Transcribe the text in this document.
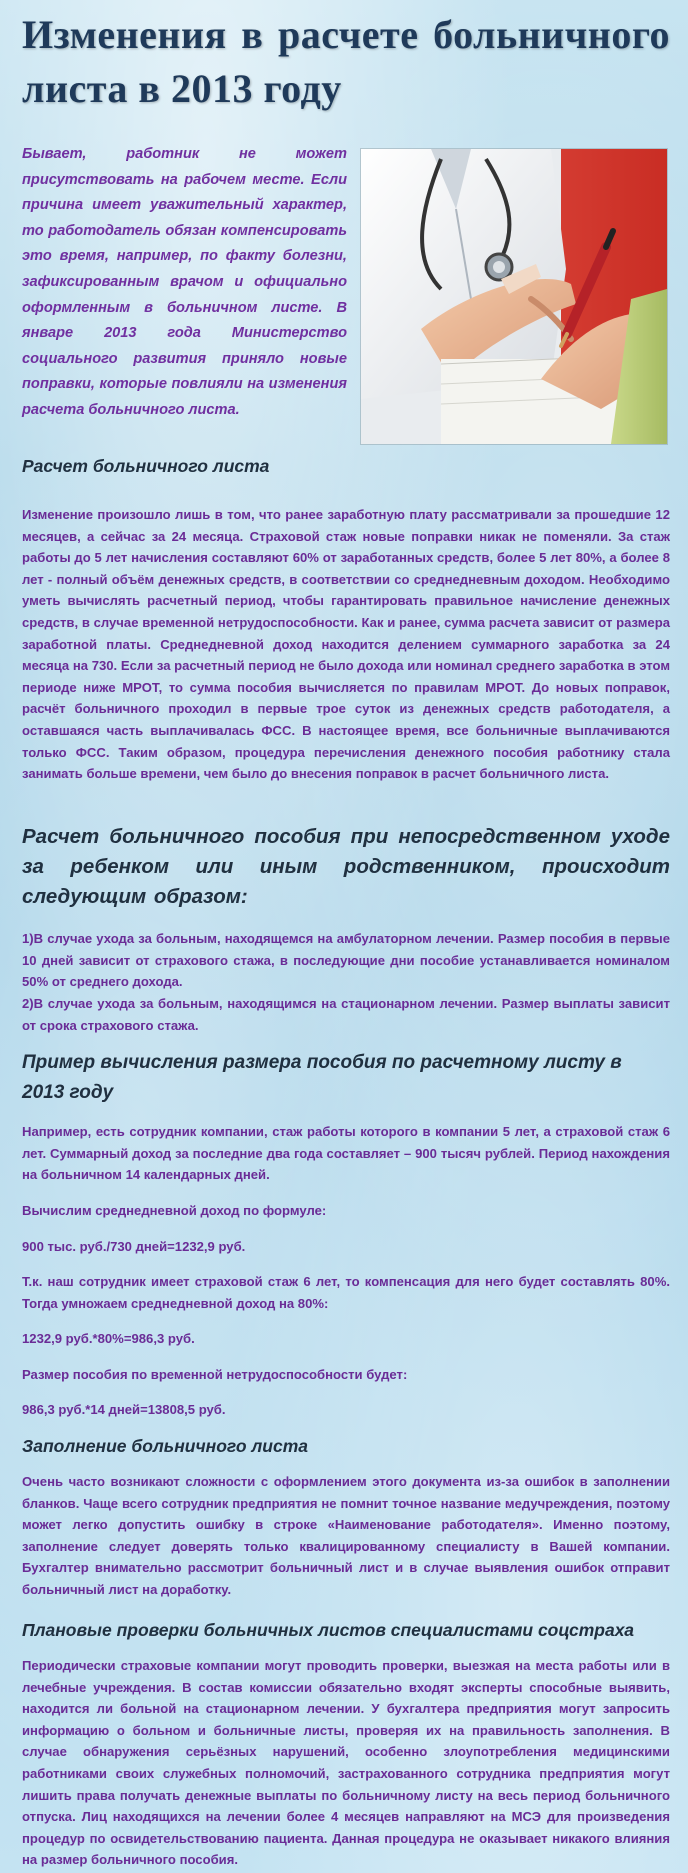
Изменения в расчете больничного листа в 2013 году

Бывает, работник не может присутствовать на рабочем месте. Если причина имеет уважительный характер, то работодатель обязан компенсировать это время, например, по факту болезни, зафиксированным врачом и официально оформленным в больничном листе. В январе 2013 года Министерство социального развития приняло новые поправки, которые повлияли на изменения расчета больничного листа.

Расчет больничного листа

Изменение произошло лишь в том, что ранее заработную плату рассматривали за прошедшие 12 месяцев, а сейчас за 24 месяца. Страховой стаж новые поправки никак не поменяли. За стаж работы до 5 лет начисления составляют 60% от заработанных средств, более 5 лет 80%, а более 8 лет - полный объём денежных средств, в соответствии со среднедневным доходом. Необходимо уметь вычислять расчетный период, чтобы гарантировать правильное начисление денежных средств, в случае временной нетрудоспособности. Как и ранее, сумма расчета зависит от размера заработной платы. Среднедневной доход находится делением суммарного заработка за 24 месяца на 730. Если за расчетный период не было дохода или номинал среднего заработка в этом периоде ниже МРОТ, то сумма пособия вычисляется по правилам МРОТ. До новых поправок, расчёт больничного проходил в первые трое суток из денежных средств работодателя, а оставшаяся часть выплачивалась ФСС. В настоящее время, все больничные выплачиваются только ФСС. Таким образом, процедура перечисления денежного пособия работнику стала занимать больше времени, чем было до внесения поправок в расчет больничного листа.

Расчет больничного пособия при непосредственном уходе за ребенком или иным родственником, происходит следующим образом:

1)В случае ухода за больным, находящемся на амбулаторном лечении. Размер пособия в первые 10 дней зависит от страхового стажа, в последующие дни пособие устанавливается номиналом 50% от среднего дохода.

2)В случае ухода за больным, находящимся на стационарном лечении. Размер выплаты зависит от срока страхового стажа.

Пример вычисления размера пособия по расчетному листу в 2013 году

Например, есть сотрудник компании, стаж работы которого в компании 5 лет, а страховой стаж 6 лет. Суммарный доход за последние два года составляет – 900 тысяч рублей. Период нахождения на больничном 14 календарных дней.

Вычислим среднедневной доход по формуле:

900 тыс. руб./730 дней=1232,9 руб.

Т.к. наш сотрудник имеет страховой стаж 6 лет, то компенсация для него будет составлять 80%. Тогда умножаем среднедневной доход на 80%:

1232,9 руб.*80%=986,3 руб.

Размер пособия по временной нетрудоспособности будет:

986,3 руб.*14 дней=13808,5 руб.

Заполнение больничного листа

Очень часто возникают сложности с оформлением этого документа из-за ошибок в заполнении бланков. Чаще всего сотрудник предприятия не помнит точное название медучреждения, поэтому может легко допустить ошибку в строке «Наименование работодателя». Именно поэтому, заполнение следует доверять только квалицированному специалисту в Вашей компании. Бухгалтер внимательно рассмотрит больничный лист и в случае выявления ошибок отправит больничный лист на доработку.

Плановые проверки больничных листов специалистами соцстраха

Периодически страховые компании могут проводить проверки, выезжая на места работы или в лечебные учреждения. В состав комиссии обязательно входят эксперты способные выявить, находится ли больной на стационарном лечении. У бухгалтера предприятия могут запросить информацию о больном и больничные листы, проверяя их на правильность заполнения. В случае обнаружения серьёзных нарушений, особенно злоупотребления медицинскими работниками своих служебных полномочий, застрахованного сотрудника предприятия могут лишить права получать денежные выплаты по больничному листу на весь период больничного отпуска. Лиц находящихся на лечении более 4 месяцев направляют на МСЭ для произведения процедур по освидетельствованию пациента. Данная процедура не оказывает никакого влияния на размер больничного пособия.
